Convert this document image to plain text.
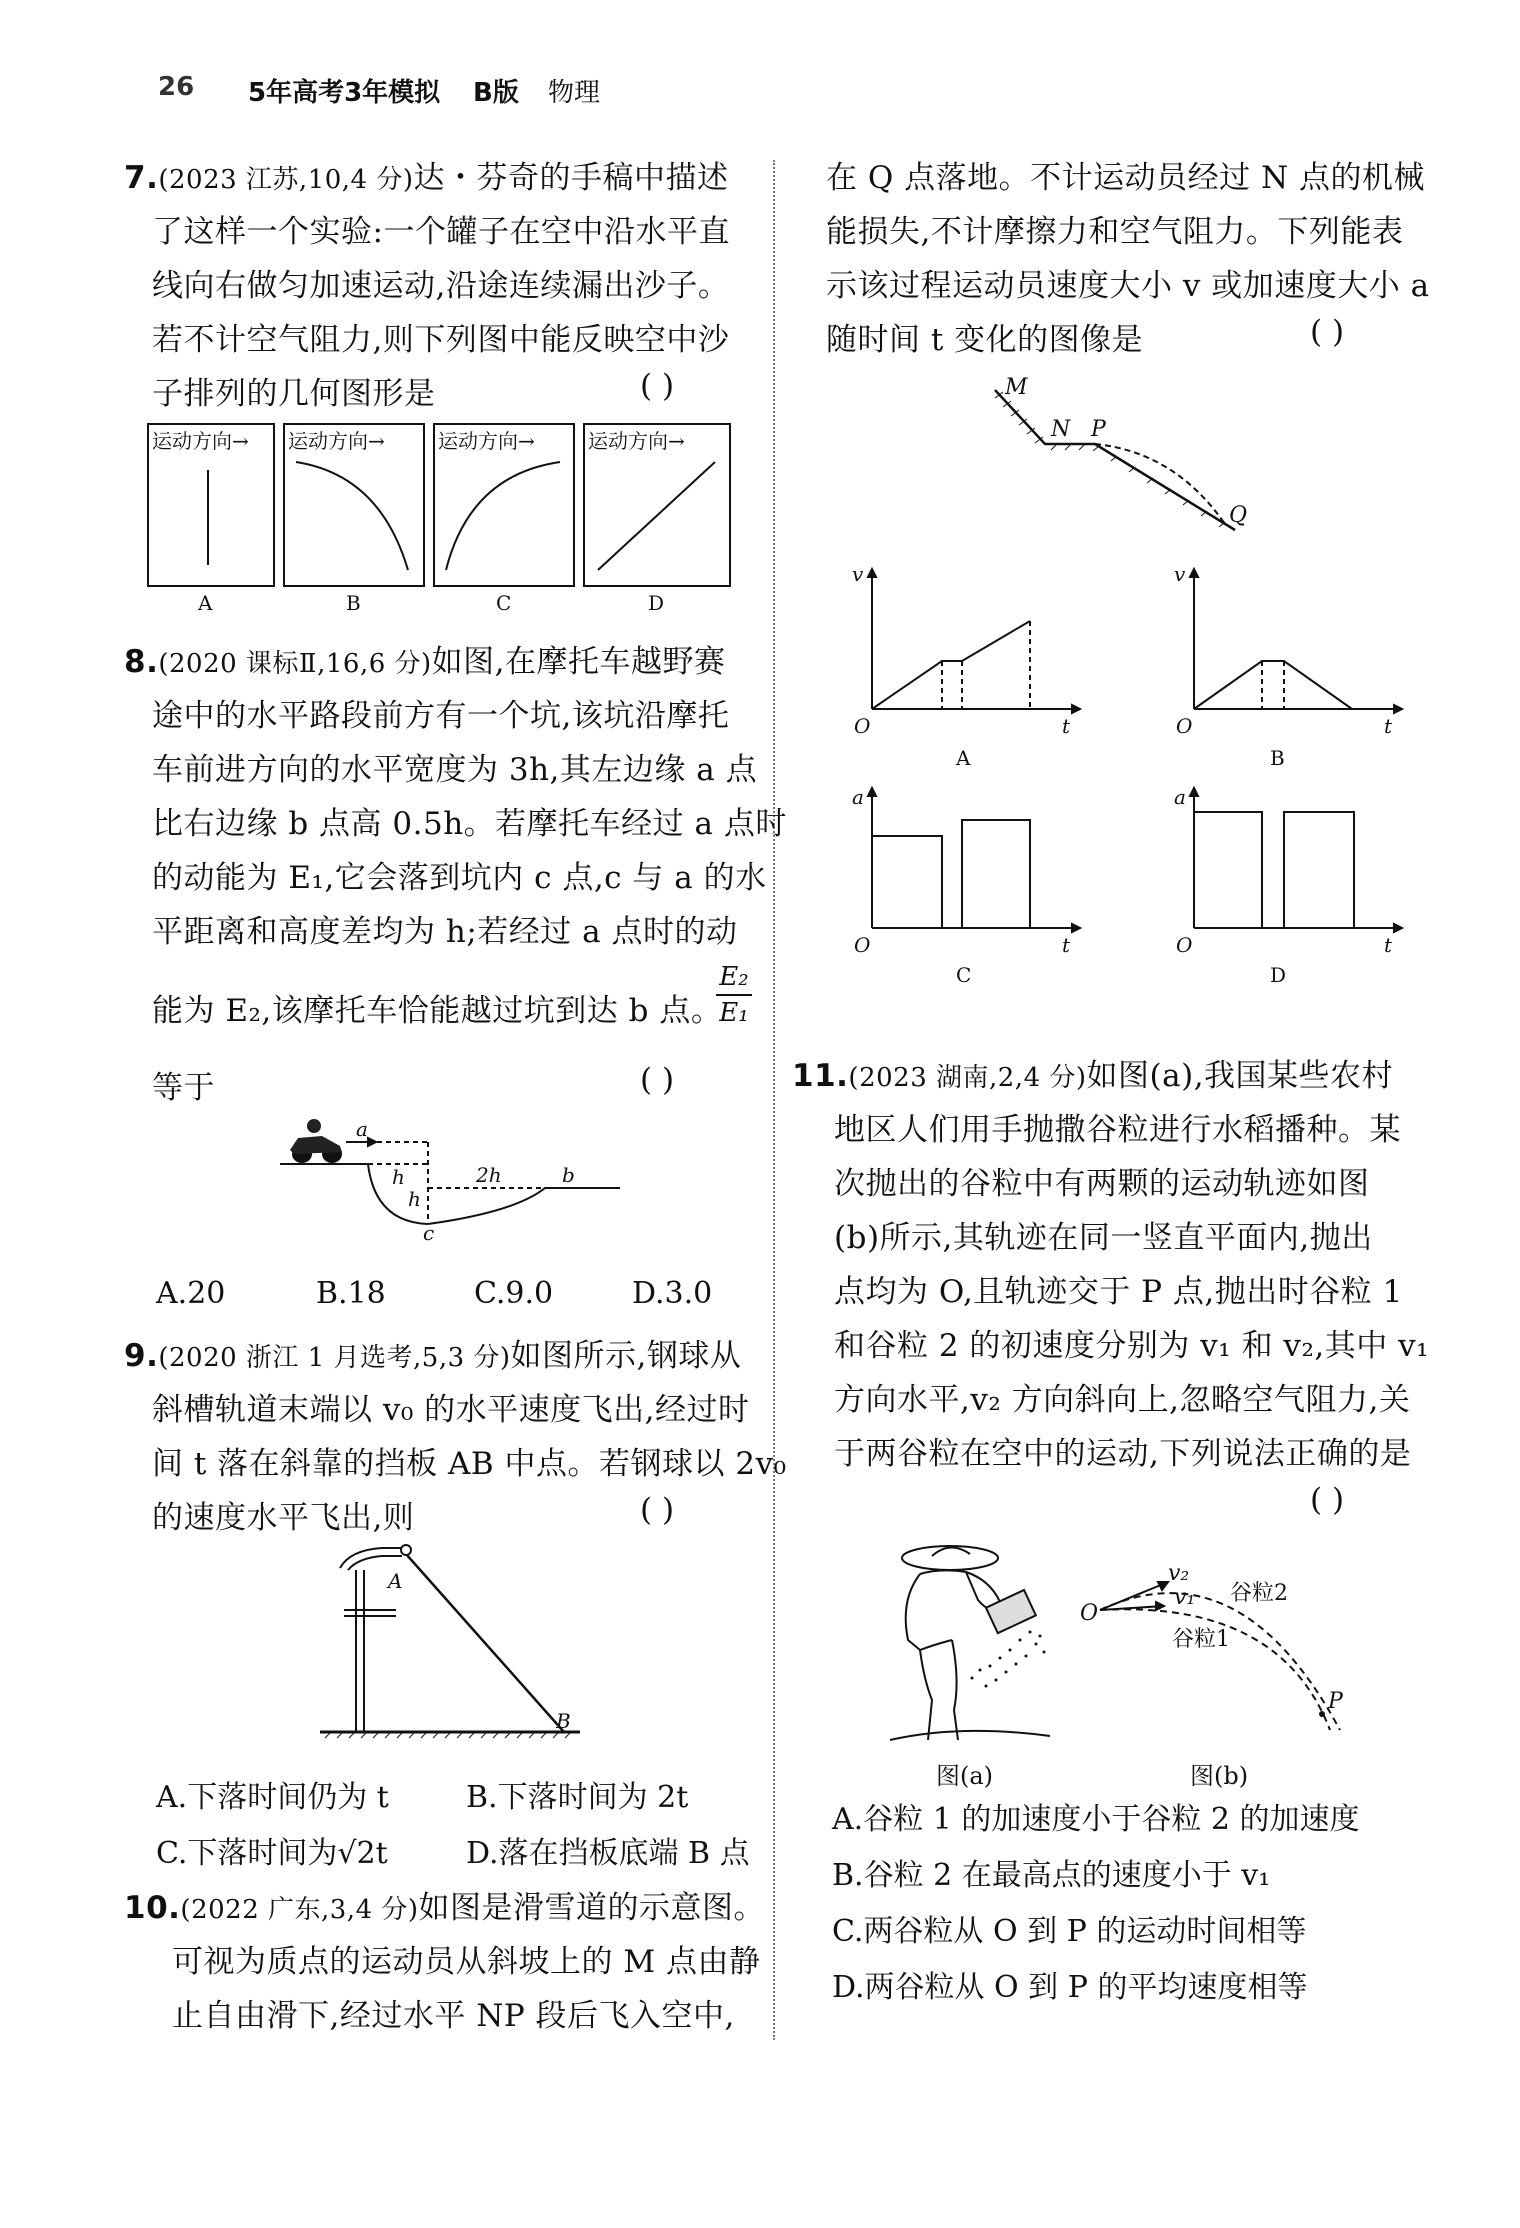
26 5年高考3年模拟 B版 物理
7.(2023 江苏,10,4 分)达・芬奇的手稿中描述
了这样一个实验:一个罐子在空中沿水平直
线向右做匀加速运动,沿途连续漏出沙子。
若不计空气阻力,则下列图中能反映空中沙
子排列的几何图形是	( )
运动方向→ 运动方向→	运动方向→	运动方向→
A	B	C	D
8.(2020 课标Ⅱ,16,6 分)如图,在摩托车越野赛
途中的水平路段前方有一个坑,该坑沿摩托
车前进方向的水平宽度为 3h,其左边缘 a 点
比右边缘 b 点高 0.5h。若摩托车经过 a 点时
的动能为 E₁,它会落到坑内 c 点,c 与 a 的水
平距离和高度差均为 h;若经过 a 点时的动
能为 E₂,该摩托车恰能越过坑到达 b 点。
$\frac{\text{E₂}}{\text{E₁}}$
等于	( )
a
h
h
2h	b
c
A.20	B.18	C.9.0	D.3.0
9.(2020 浙江 1 月选考,5,3 分)如图所示,钢球从
斜槽轨道末端以 v₀ 的水平速度飞出,经过时
间 t 落在斜靠的挡板 AB 中点。若钢球以 2v₀
的速度水平飞出,则	( )
A
B
A.下落时间仍为 t	B.下落时间为 2t
C.下落时间为√2t	D.落在挡板底端 B 点
10.(2022 广东,3,4 分)如图是滑雪道的示意图。
可视为质点的运动员从斜坡上的 M 点由静
止自由滑下,经过水平 NP 段后飞入空中,
在 Q 点落地。不计运动员经过 N 点的机械
能损失,不计摩擦力和空气阻力。下列能表
示该过程运动员速度大小 v 或加速度大小 a
随时间 t 变化的图像是	( )
M
N P
Q
v
t
O
A
v
t
O
B
a
t
O
C
a
t
O
D
11.(2023 湖南,2,4 分)如图(a),我国某些农村
地区人们用手抛撒谷粒进行水稻播种。某
次抛出的谷粒中有两颗的运动轨迹如图
(b)所示,其轨迹在同一竖直平面内,抛出
点均为 O,且轨迹交于 P 点,抛出时谷粒 1
和谷粒 2 的初速度分别为 v₁ 和 v₂,其中 v₁
方向水平,v₂ 方向斜向上,忽略空气阻力,关
于两谷粒在空中的运动,下列说法正确的是
( )
O
P
v₂
v₁ 谷粒2
谷粒1
图(a)	图(b)
A.谷粒 1 的加速度小于谷粒 2 的加速度
B.谷粒 2 在最高点的速度小于 v₁
C.两谷粒从 O 到 P 的运动时间相等
D.两谷粒从 O 到 P 的平均速度相等
